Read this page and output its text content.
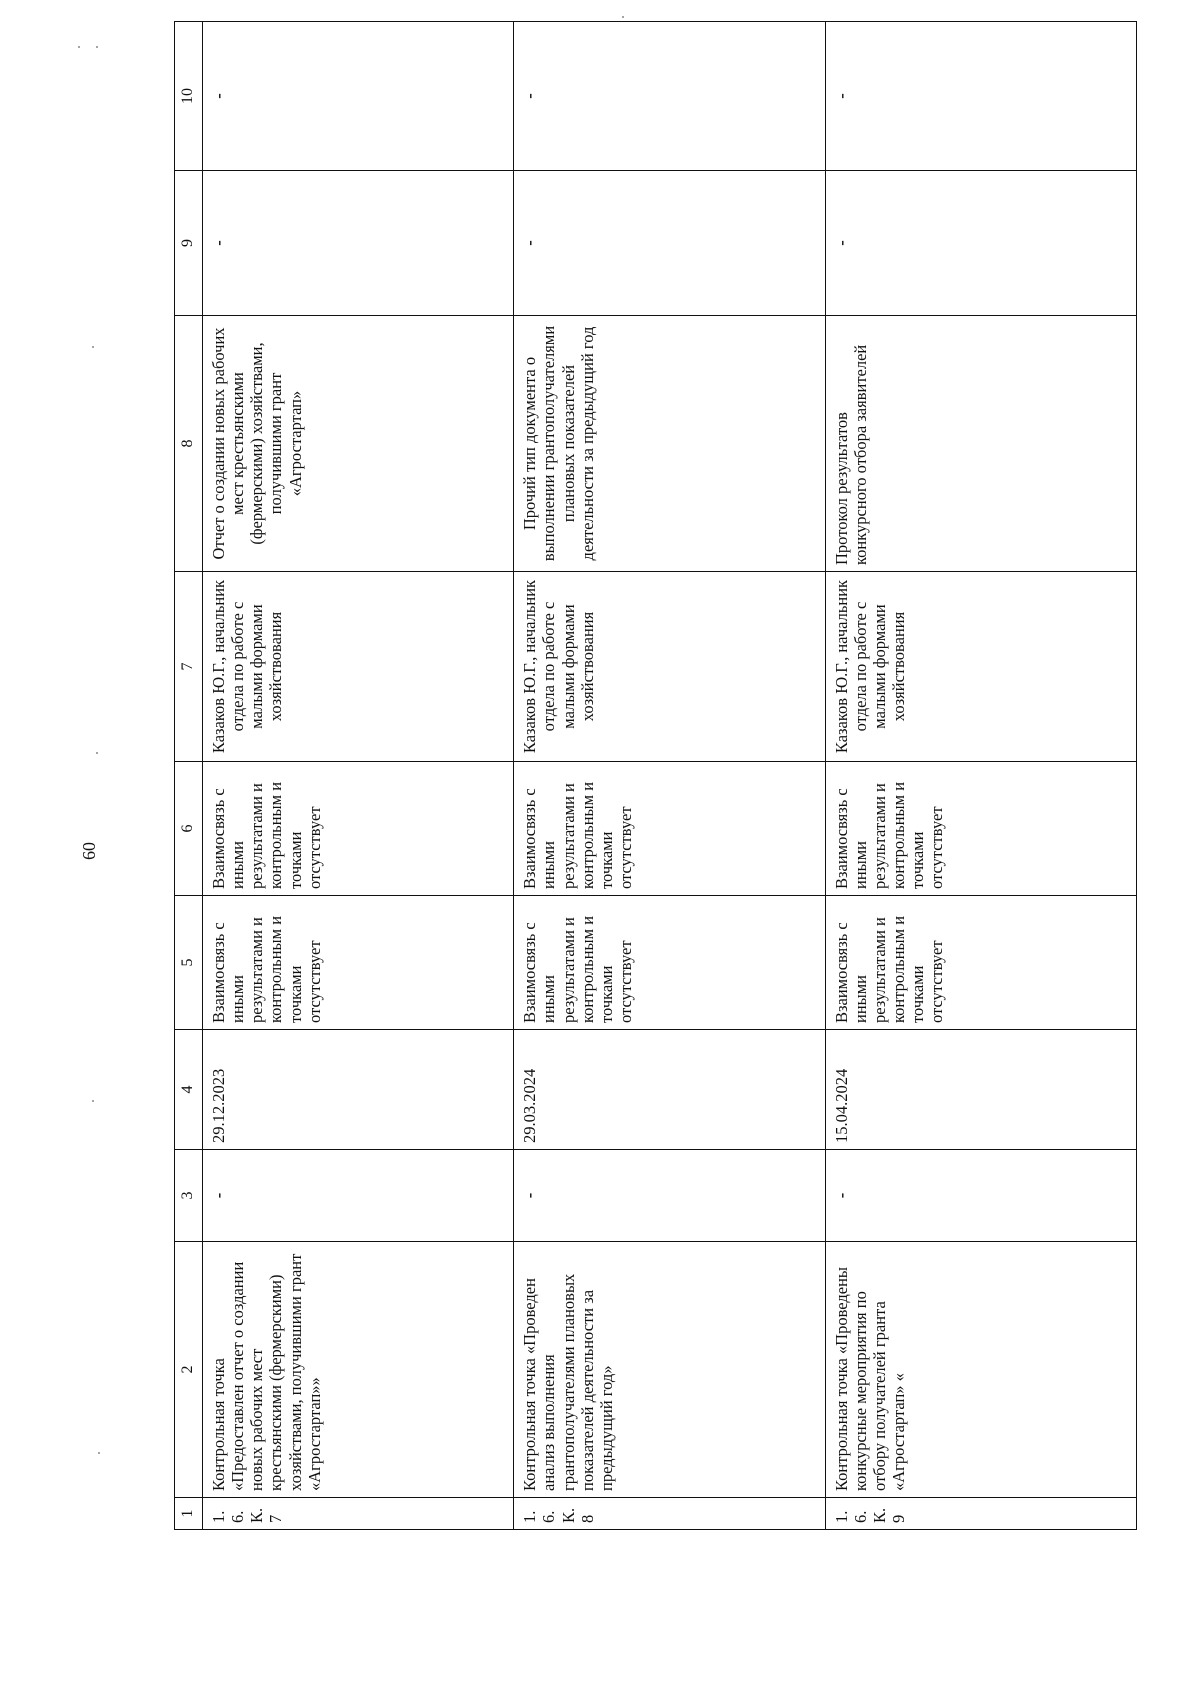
60
1	2	3	4	5	6	7	8	9	10
1.6. К.7	Контрольная точка «Предоставлен отчет о создании новых рабочих мест крестьянскими (фермерскими) хозяйствами, получившими грант «Агростартап»»	-	29.12.2023	Взаимосвязь с иными результатами и контрольным и точками отсутствует	Взаимосвязь с иными результатами и контрольным и точками отсутствует	Казаков Ю.Г., начальник отдела по работе с малыми формами хозяйствования	Отчет о создании новых рабочих мест крестьянскими (фермерскими) хозяйствами, получившими грант «Агростартап»	-	-

1.6. К.8	Контрольная точка «Проведен анализ выполнения грантополучателями плановых показателей деятельности за предыдущий год»	-	29.03.2024	Взаимосвязь с иными результатами и контрольным и точками отсутствует	Взаимосвязь с иными результатами и контрольным и точками отсутствует	Казаков Ю.Г., начальник отдела по работе с малыми формами хозяйствования	Прочий тип документа о выполнении грантополучателями плановых показателей деятельности за предыдущий год	-	-

1.6. К.9	Контрольная точка «Проведены конкурсные мероприятия по отбору получателей гранта «Агростартап» «	-	15.04.2024	Взаимосвязь с иными результатами и контрольным и точками отсутствует	Взаимосвязь с иными результатами и контрольным и точками отсутствует	Казаков Ю.Г., начальник отдела по работе с малыми формами хозяйствования	Протокол результатов конкурсного отбора заявителей	-	-
